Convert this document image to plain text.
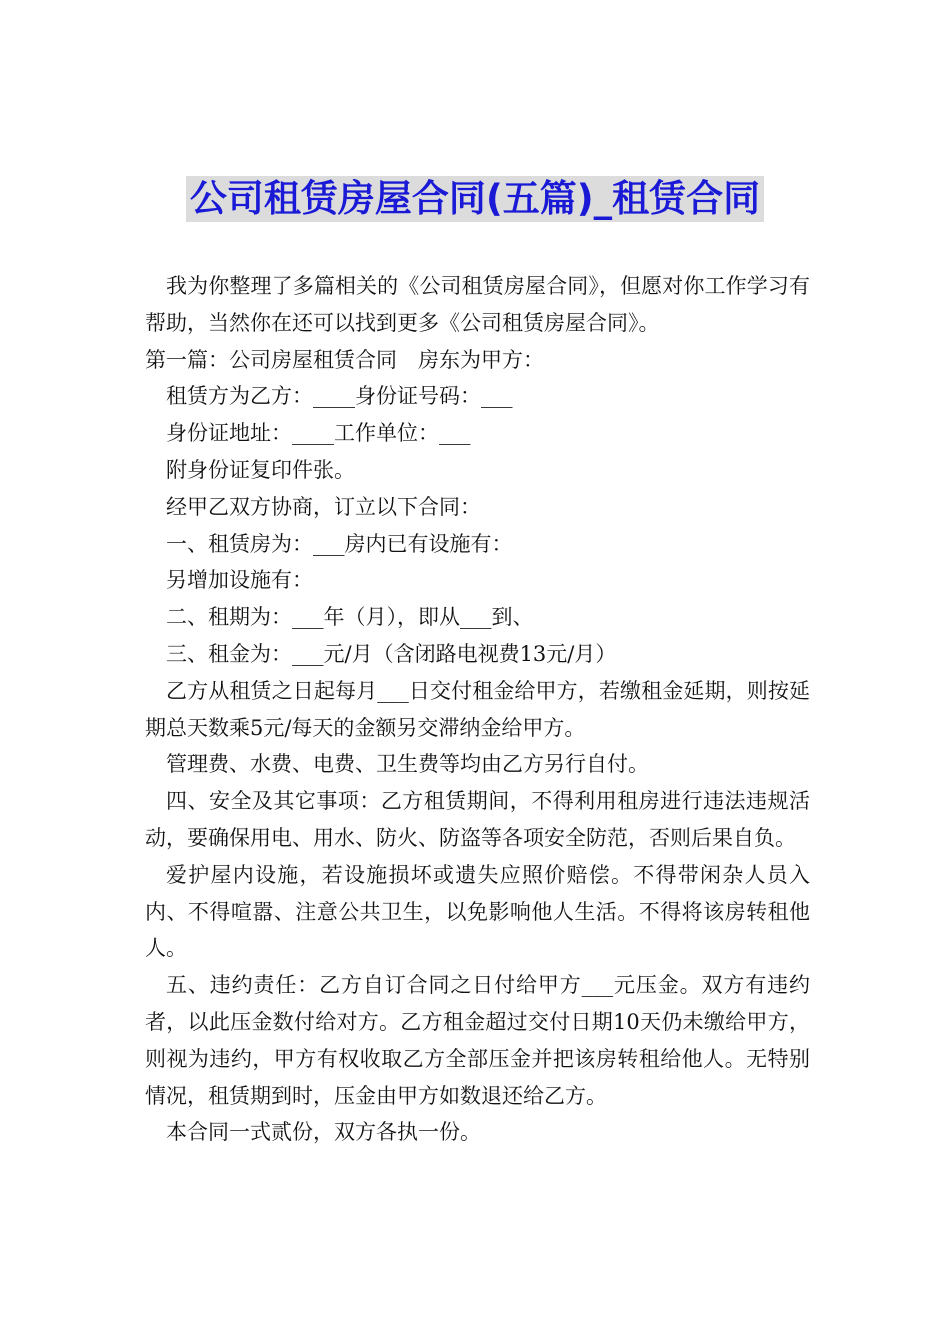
公司租赁房屋合同(五篇)_租赁合同

我为你整理了多篇相关的《公司租赁房屋合同》，但愿对你工作学习有帮助，当然你在还可以找到更多《公司租赁房屋合同》。

第一篇：公司房屋租赁合同　房东为甲方：

租赁方为乙方：____身份证号码：___

身份证地址：____工作单位：___

附身份证复印件张。

经甲乙双方协商，订立以下合同：

一、租赁房为：___房内已有设施有：

另增加设施有：

二、租期为：___年（月），即从___到、

三、租金为：___元/月（含闭路电视费13元/月）

乙方从租赁之日起每月___日交付租金给甲方，若缴租金延期，则按延期总天数乘5元/每天的金额另交滞纳金给甲方。

管理费、水费、电费、卫生费等均由乙方另行自付。

四、安全及其它事项：乙方租赁期间，不得利用租房进行违法违规活动，要确保用电、用水、防火、防盗等各项安全防范，否则后果自负。

爱护屋内设施，若设施损坏或遗失应照价赔偿。不得带闲杂人员入内、不得喧嚣、注意公共卫生，以免影响他人生活。不得将该房转租他人。

五、违约责任：乙方自订合同之日付给甲方___元压金。双方有违约者，以此压金数付给对方。乙方租金超过交付日期10天仍未缴给甲方，则视为违约，甲方有权收取乙方全部压金并把该房转租给他人。无特别情况，租赁期到时，压金由甲方如数退还给乙方。

本合同一式贰份，双方各执一份。
